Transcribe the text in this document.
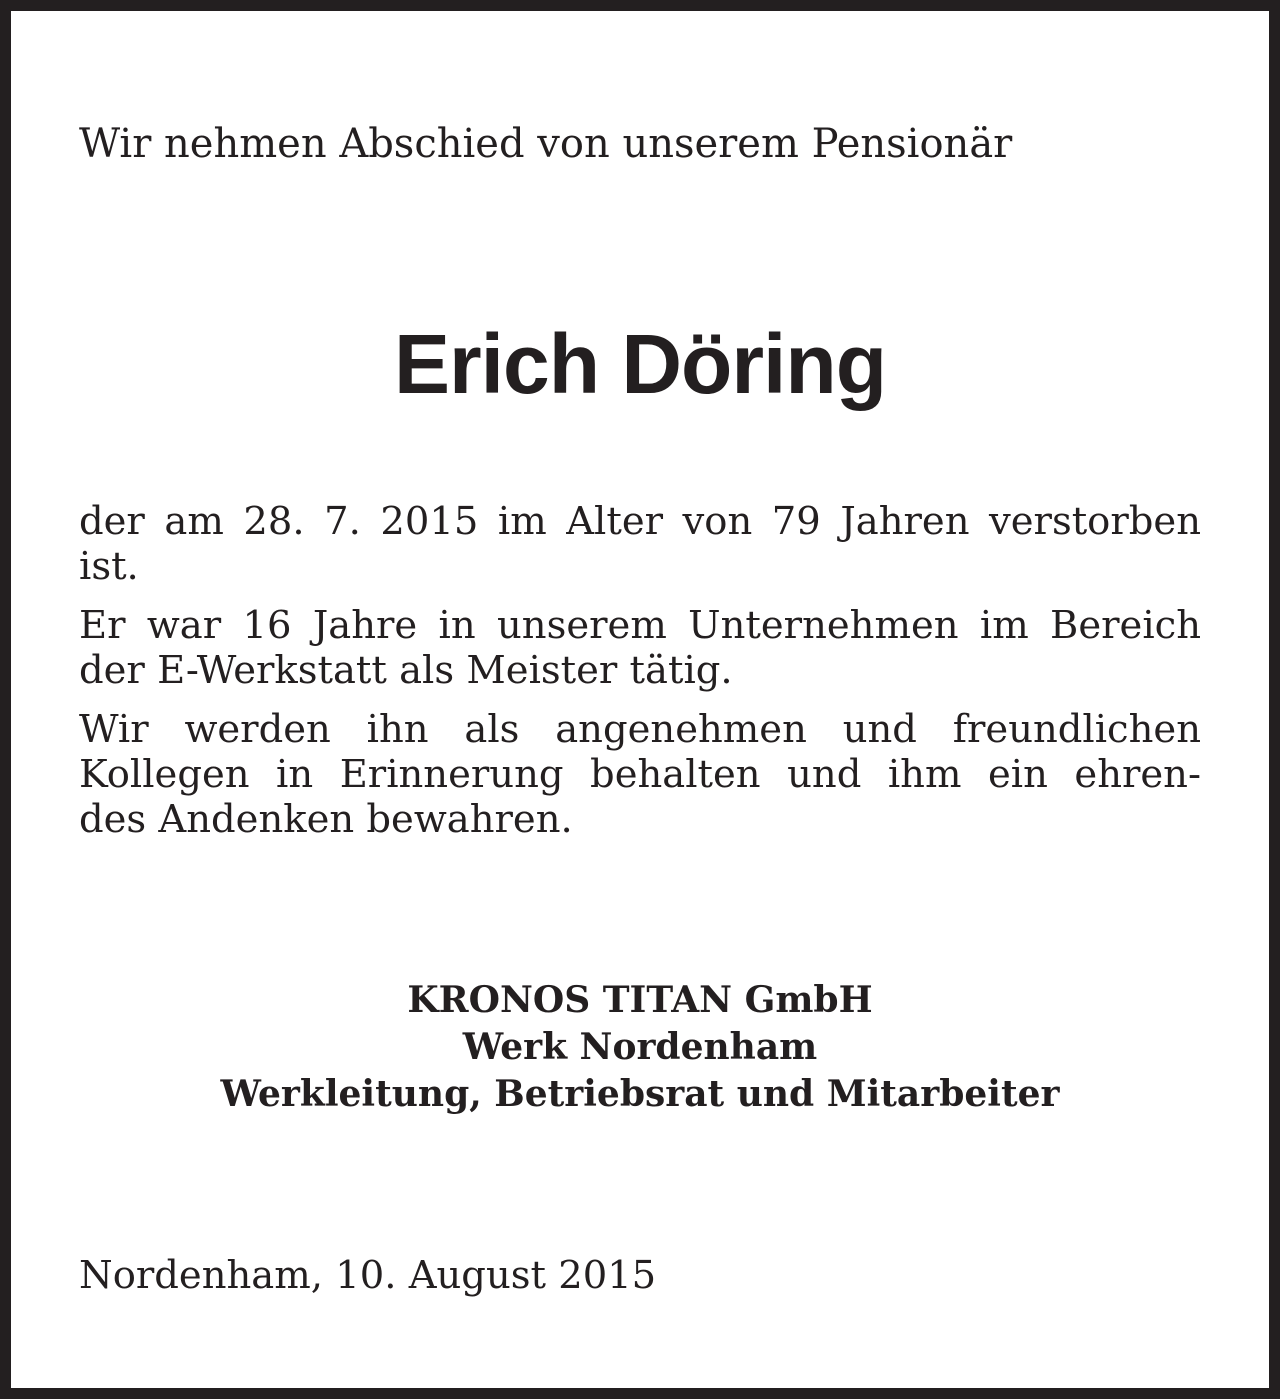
Wir nehmen Abschied von unserem Pensionär

Erich Döring

der am 28. 7. 2015 im Alter von 79 Jahren verstorben
ist.

Er war 16 Jahre in unserem Unternehmen im Bereich
der E-Werkstatt als Meister tätig.

Wir werden ihn als angenehmen und freundlichen
Kollegen in Erinnerung behalten und ihm ein ehren-
des Andenken bewahren.

KRONOS TITAN GmbH
Werk Nordenham
Werkleitung, Betriebsrat und Mitarbeiter

Nordenham, 10. August 2015
